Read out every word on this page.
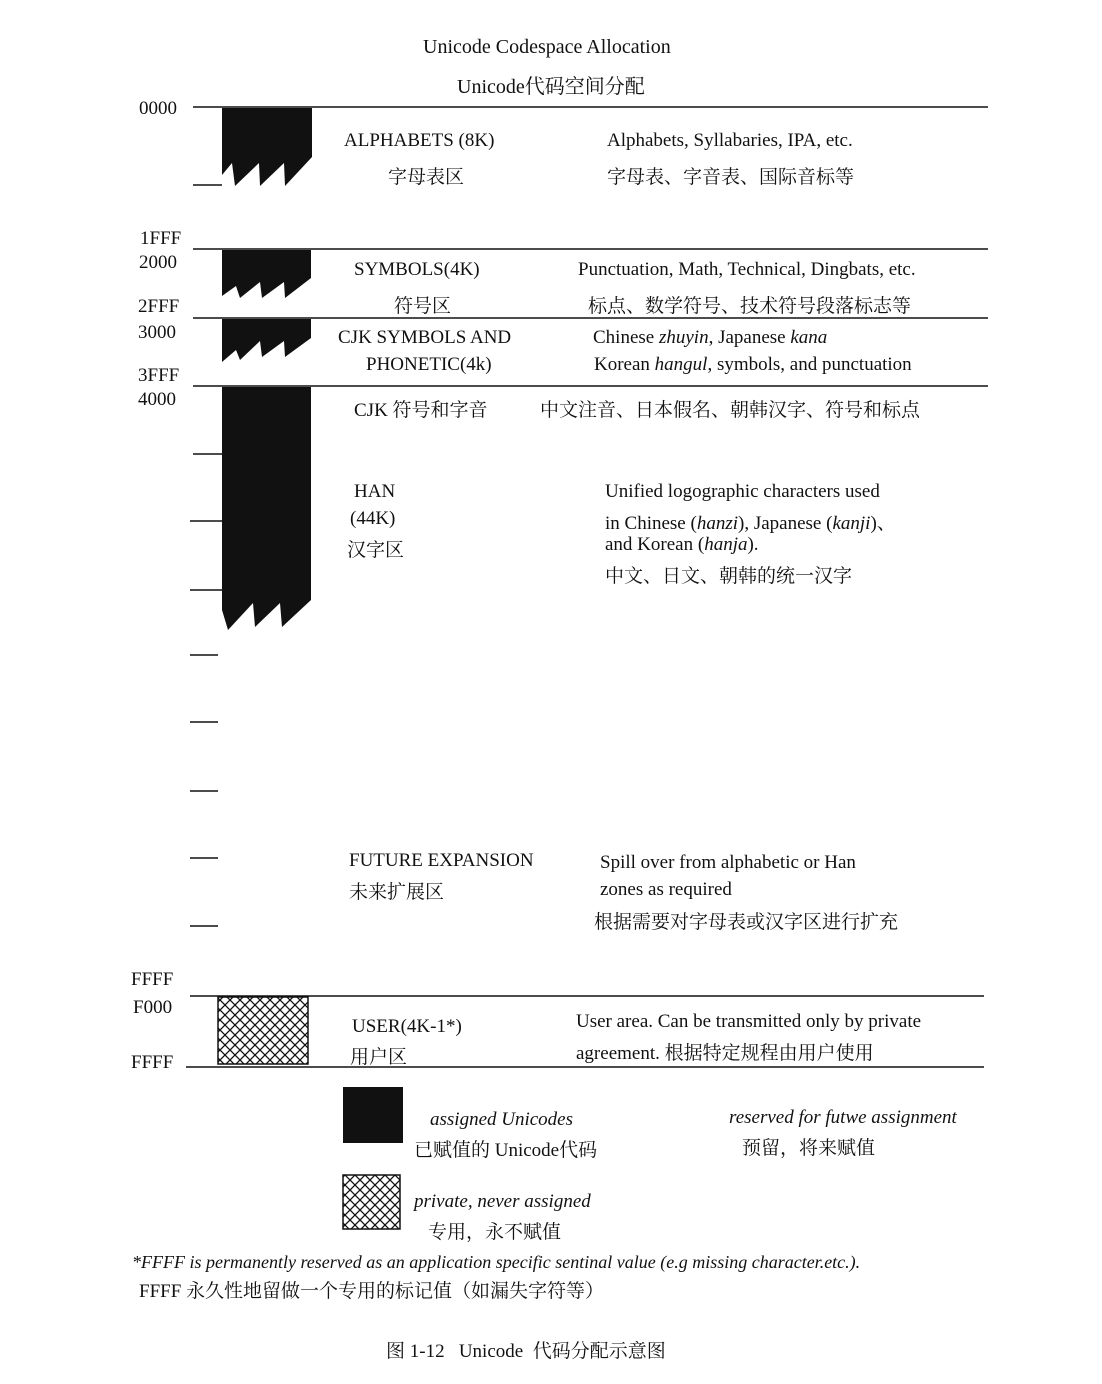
Unicode Codespace Allocation
Unicode代码空间分配
0000
1FFF
2000
2FFF
3000
3FFF
4000
FFFF
F000
FFFF
ALPHABETS (8K)
字母表区
Alphabets, Syllabaries, IPA, etc.
字母表、字音表、国际音标等
SYMBOLS(4K)
符号区
Punctuation, Math, Technical, Dingbats, etc.
标点、数学符号、技术符号段落标志等
CJK SYMBOLS AND
PHONETIC(4k)
Chinese zhuyin, Japanese kana
Korean hangul, symbols, and punctuation
CJK 符号和字音	中文注音、日本假名、朝韩汉字、符号和标点
HAN
(44K)
汉字区
Unified logographic characters used
in Chinese (hanzi), Japanese (kanji)、
and Korean (hanja).
中文、日文、朝韩的统一汉字
FUTURE EXPANSION
未来扩展区
Spill over from alphabetic or Han
zones as required
根据需要对字母表或汉字区进行扩充
USER(4K-1*)
用户区
User area. Can be transmitted only by private
agreement. 根据特定规程由用户使用
assigned Unicodes
已赋值的 Unicode代码
reserved for futwe assignment
预留，将来赋值
private, never assigned
专用，永不赋值
*FFFF is permanently reserved as an application specific sentinal value (e.g missing character.etc.).
FFFF 永久性地留做一个专用的标记值（如漏失字符等）
图 1-12   Unicode  代码分配示意图
